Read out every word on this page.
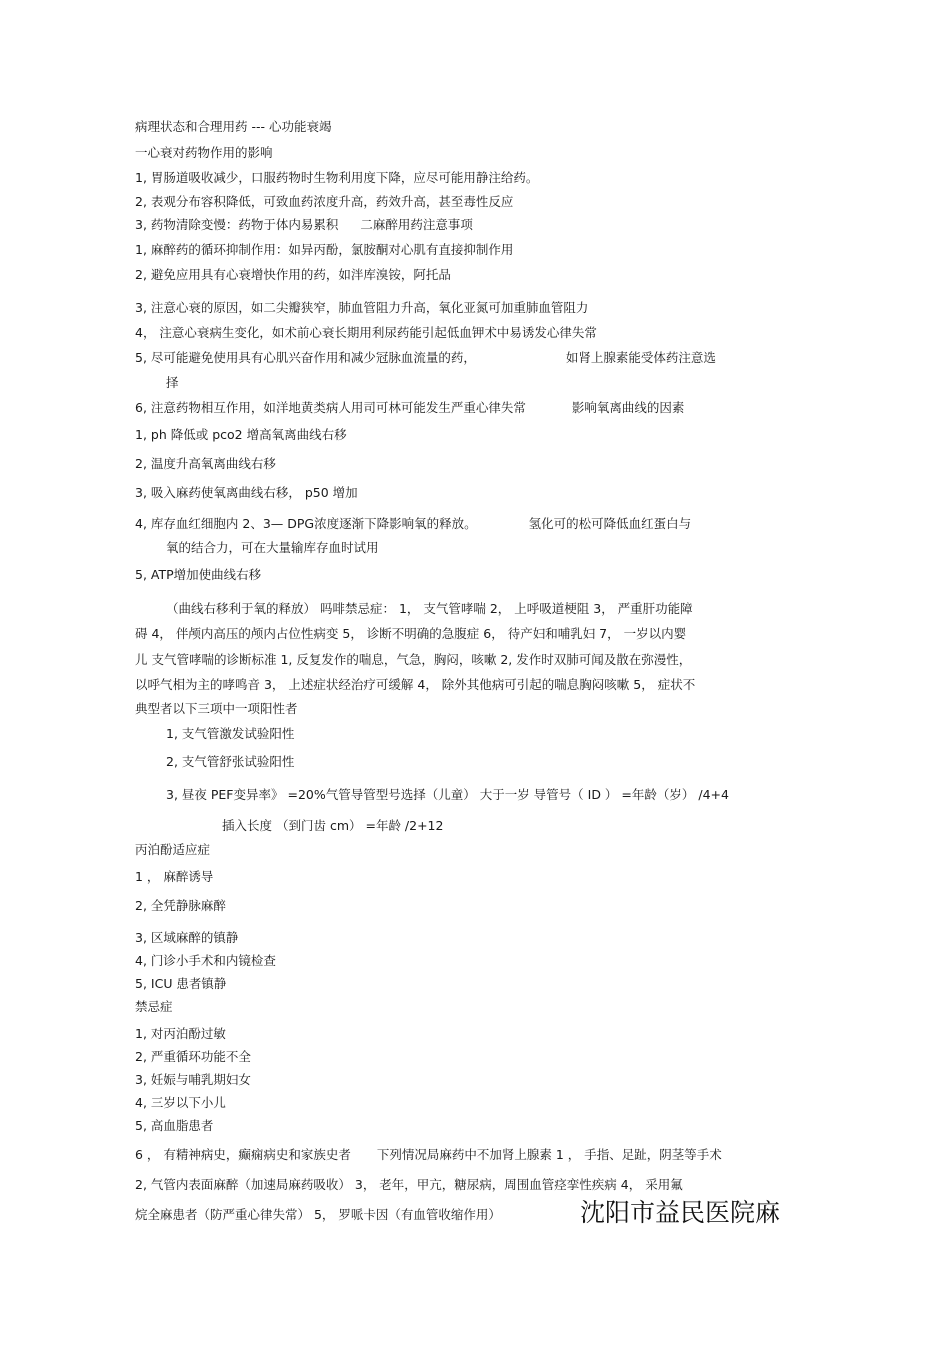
病理状态和合理用药 --- 心功能衰竭
一心衰对药物作用的影响
1, 胃肠道吸收减少，口服药物时生物利用度下降，应尽可能用静注给药。
2, 表观分布容积降低，可致血药浓度升高，药效升高，甚至毒性反应
3, 药物清除变慢：药物于体内易累积 二麻醉用药注意事项
1, 麻醉药的循环抑制作用：如异丙酚，氯胺酮对心肌有直接抑制作用
2, 避免应用具有心衰增快作用的药，如泮库溴铵，阿托品
3, 注意心衰的原因，如二尖瓣狭窄，肺血管阻力升高，氧化亚氮可加重肺血管阻力
4， 注意心衰病生变化，如术前心衰长期用利尿药能引起低血钾术中易诱发心律失常
5, 尽可能避免使用具有心肌兴奋作用和减少冠脉血流量的药，	如肾上腺素能受体药注意选
择
6, 注意药物相互作用，如洋地黄类病人用司可林可能发生严重心律失常	影响氧离曲线的因素
1, ph 降低或 pco2 增高氧离曲线右移
2, 温度升高氧离曲线右移
3, 吸入麻药使氧离曲线右移， p50 增加
4, 库存血红细胞内 2、3— DPG浓度逐渐下降影响氧的释放。	氢化可的松可降低血红蛋白与
氧的结合力，可在大量输库存血时试用
5, ATP增加使曲线右移
（曲线右移利于氧的释放） 吗啡禁忌症： 1， 支气管哮喘 2， 上呼吸道梗阻 3， 严重肝功能障
碍 4， 伴颅内高压的颅内占位性病变 5， 诊断不明确的急腹症 6， 待产妇和哺乳妇 7， 一岁以内婴
儿 支气管哮喘的诊断标准 1, 反复发作的喘息，气急，胸闷，咳嗽 2, 发作时双肺可闻及散在弥漫性，
以呼气相为主的哮鸣音 3， 上述症状经治疗可缓解 4， 除外其他病可引起的喘息胸闷咳嗽 5， 症状不
典型者以下三项中一项阳性者
1, 支气管激发试验阳性
2, 支气管舒张试验阳性
3, 昼夜 PEF变异率》 =20%气管导管型号选择（儿童） 大于一岁 导管号（ ID ） =年龄（岁） /4+4
插入长度 （到门齿 cm） =年龄 /2+12
丙泊酚适应症
1 ， 麻醉诱导
2, 全凭静脉麻醉
3, 区域麻醉的镇静
4, 门诊小手术和内镜检查
5, ICU 患者镇静
禁忌症
1, 对丙泊酚过敏
2, 严重循环功能不全
3, 妊娠与哺乳期妇女
4, 三岁以下小儿
5, 高血脂患者
6 ， 有精神病史，癫痫病史和家族史者 下列情况局麻药中不加肾上腺素 1 ， 手指、足趾，阴茎等手术
2, 气管内表面麻醉（加速局麻药吸收） 3， 老年，甲亢，糖尿病，周围血管痉挛性疾病 4， 采用氟
烷全麻患者（防严重心律失常） 5， 罗哌卡因（有血管收缩作用）	沈阳市益民医院麻
